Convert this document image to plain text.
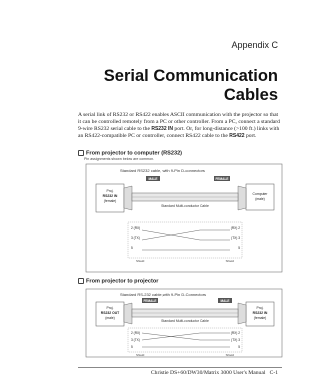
Appendix C
Serial Communication
Cables
A serial link of RS232 or RS422 enables ASCII communication with the projector so that it can be controlled remotely from a PC or other controller. From a PC, connect a standard 9-wire RS232 serial cable to the RS232 IN port. Or, for long-distance (>100 ft.) links with an RS422-compatible PC or controller, connect RS422 cable to the RS422 port.
From projector to computer (RS232)
Pin assignments shown below are common.
Standard RS232 cable, with 9-Pin D-connectors
Proj.
RS232 IN
(female)
Computer
(male)
MALE	FEMALE
Standard Multi-conductor Cable
2 (RX)
3 (TX)
5
(RX) 2
(TX) 3
5
Shield	Shield
From projector to projector
Standard RS-232 cable,with 9-Pin D-Connectors
Proj.
RS232 OUT
(male)
Proj.
RS232 IN
(female)
FEMALE	MALE
Standard Multi-conductor Cable
2 (RX)
3 (TX)
5
(RX) 2
(TX) 3
5
Shield	Shield
Christie DS+60/DW30/Matrix 3000 User's Manual C-1
